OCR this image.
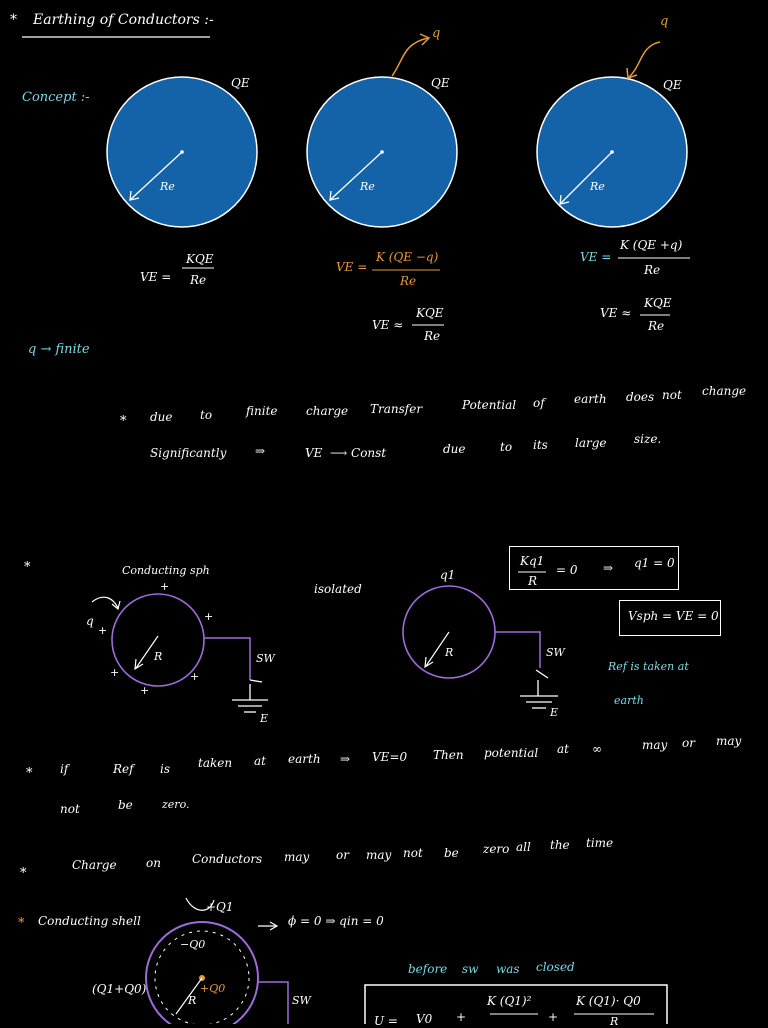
* Earthing of Conductors :-
Concept :-
QE
Re
QE
Re
q
QE
Re
q
VE =
KQE
Re
VE =
K (QE −q)
Re
VE ≈
KQE
Re
VE =
K (QE +q)
Re
VE ≈
KQE
Re
q → finite
* due to	finite charge Transfer	Potential of earth does not change
Significantly ⇒	VE ⟶ Const	due	to its large size.
*	Conducting sph
q
+
+
+
+
+
+
R	SW
E
isolated
q1
R	SW
E
Kq1
R
= 0 ⇒ q1 = 0
Vsph = VE = 0
Ref is taken at
earth
* if	Ref is taken at earth ⇒ VE=0 Then potential at ∞	may or may
not	be	zero.
*
Charge on	Conductors may or may not be zero all the time
* Conducting shell
+Q1
−Q0
+Q0
(Q1+Q0)
R	SW
ϕ = 0 ⇒ qin = 0
before sw was closed
U = V0 +
K (Q1)²
+
K (Q1)· Q0
R
